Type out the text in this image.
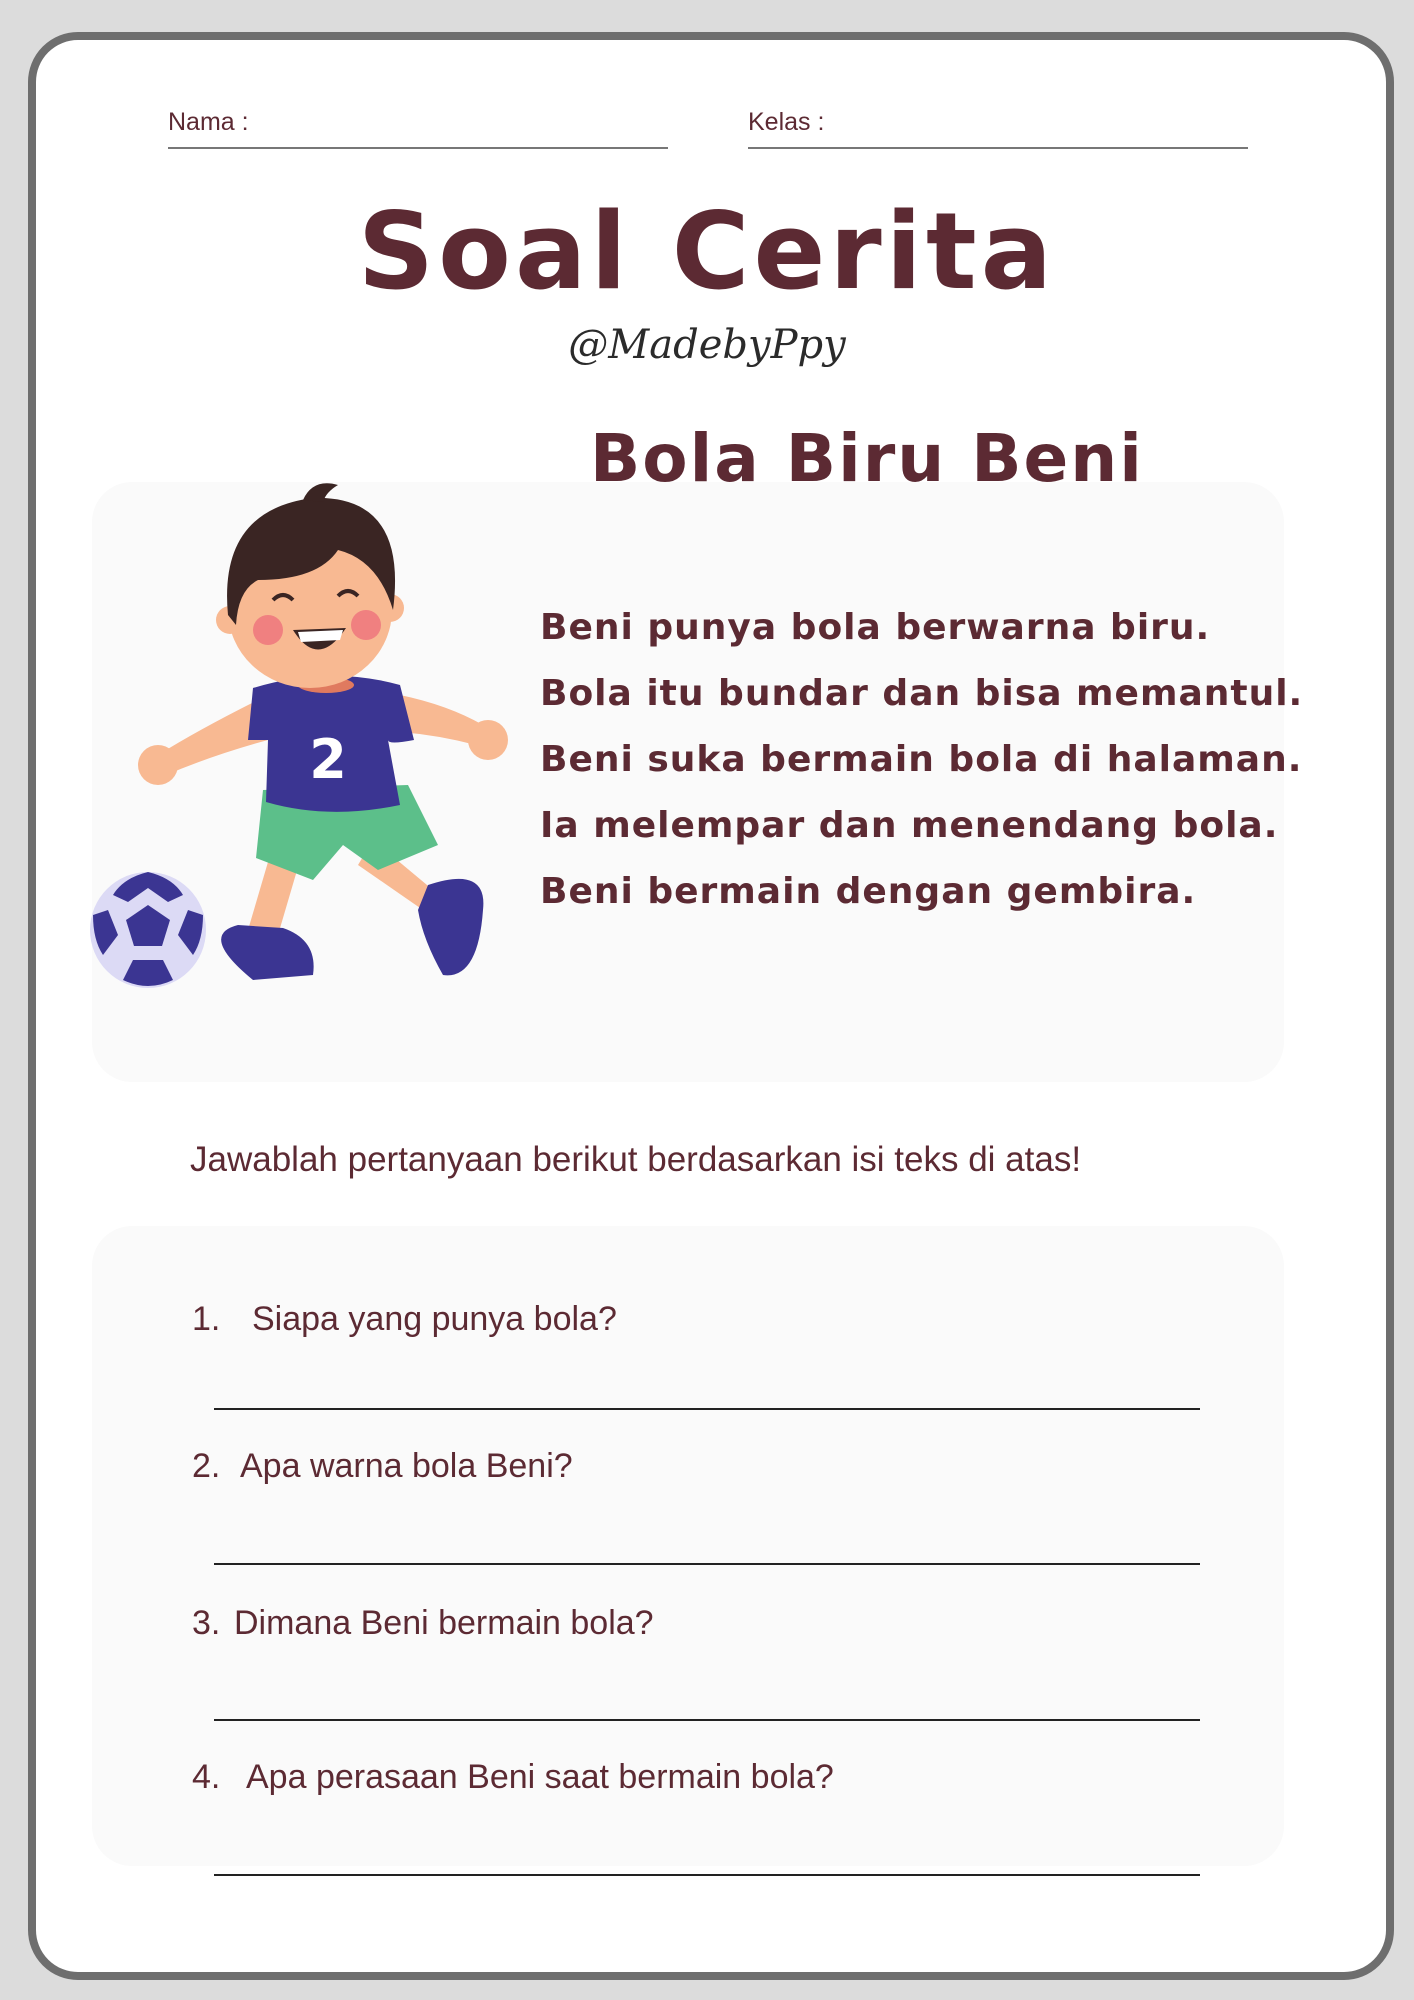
Nama :	Kelas :
Soal Cerita
@MadebyPpy
Bola Biru Beni
Beni punya bola berwarna biru.
Bola itu bundar dan bisa memantul.
Beni suka bermain bola di halaman.
Ia melempar dan menendang bola.
Beni bermain dengan gembira.
2
Jawablah pertanyaan berikut berdasarkan isi teks di atas!
1. Siapa yang punya bola?
2. Apa warna bola Beni?
3. Dimana Beni bermain bola?
4. Apa perasaan Beni saat bermain bola?
